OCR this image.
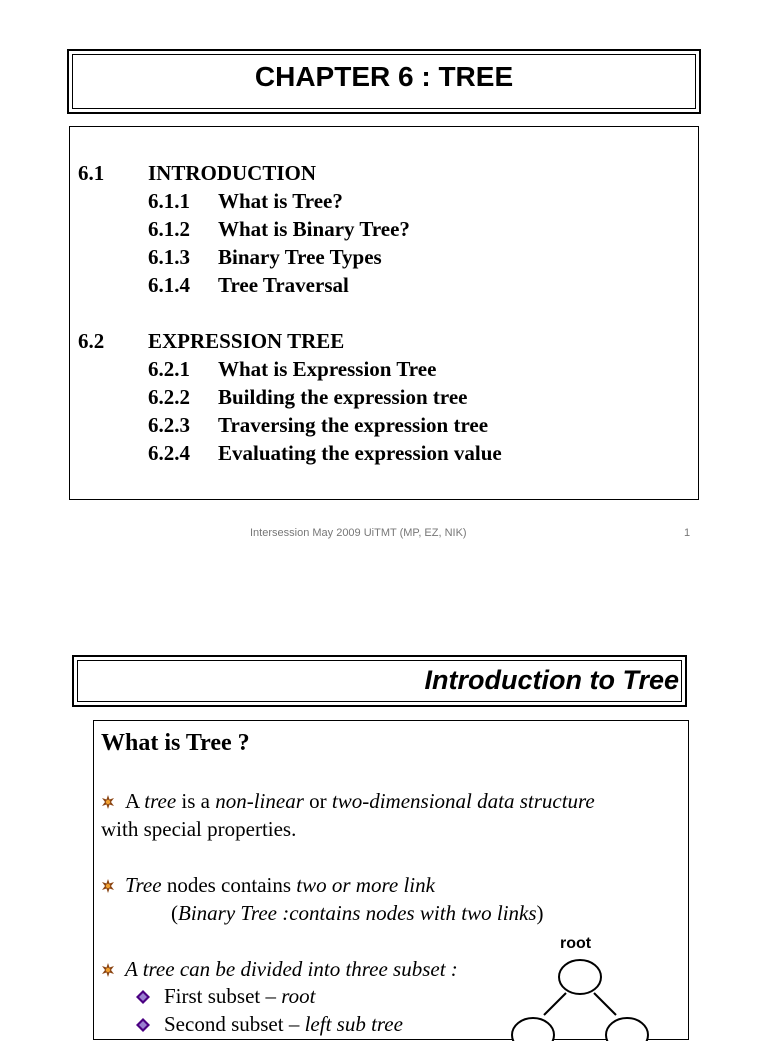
CHAPTER 6 : TREE
6.1 INTRODUCTION
6.1.1 What is Tree?
6.1.2 What is Binary Tree?
6.1.3 Binary Tree Types
6.1.4 Tree Traversal
6.2 EXPRESSION TREE
6.2.1 What is Expression Tree
6.2.2 Building the expression tree
6.2.3 Traversing the expression tree
6.2.4 Evaluating the expression value
Intersession May 2009 UiTMT (MP, EZ, NIK)	1
Introduction to Tree
What is Tree ?
A tree is a non-linear or two-dimensional data structure
with special properties.
Tree nodes contains two or more link
(Binary Tree :contains nodes with two links)
A tree can be divided into three subset :
First subset – root
Second subset – left sub tree
root
